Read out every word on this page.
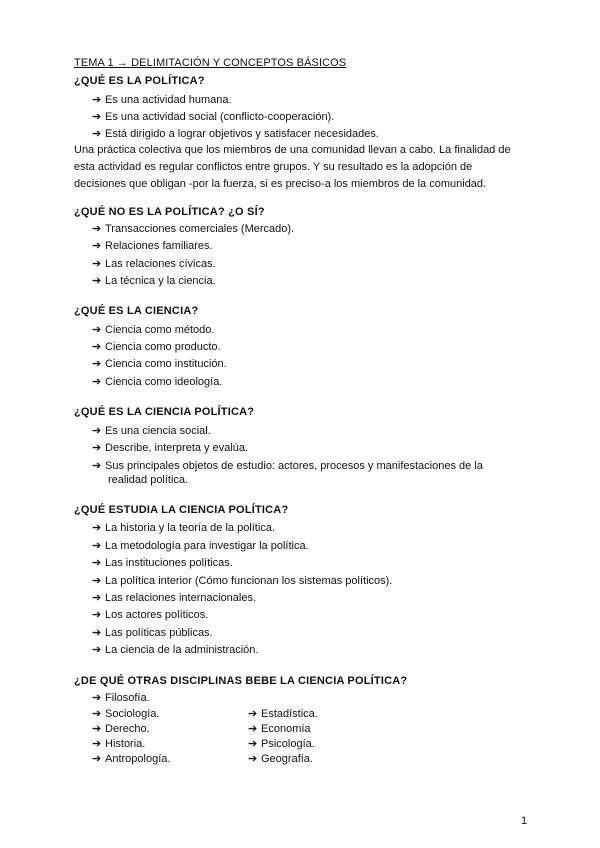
TEMA 1 → DELIMITACIÓN Y CONCEPTOS BÁSICOS
¿QUÉ ES LA POLÍTICA?
➔ Es una actividad humana.
➔ Es una actividad social (conflicto-cooperación).
➔ Está dirigido a lograr objetivos y satisfacer necesidades.
Una práctica colectiva que los miembros de una comunidad llevan a cabo. La finalidad de esta actividad es regular conflictos entre grupos. Y su resultado es la adopción de decisiones que obligan -por la fuerza, si es preciso-a los miembros de la comunidad.
¿QUÉ NO ES LA POLÍTICA? ¿O SÍ?
➔ Transacciones comerciales (Mercado).
➔ Relaciones familiares.
➔ Las relaciones cívicas.
➔ La técnica y la ciencia.
¿QUÉ ES LA CIENCIA?
➔ Ciencia como método.
➔ Ciencia como producto.
➔ Ciencia como institución.
➔ Ciencia como ideología.
¿QUÉ ES LA CIENCIA POLÍTICA?
➔ Es una ciencia social.
➔ Describe, interpreta y evalúa.
➔ Sus principales objetos de estudio: actores, procesos y manifestaciones de la
realidad política.
¿QUÉ ESTUDIA LA CIENCIA POLÍTICA?
➔ La historia y la teoría de la política.
➔ La metodología para investigar la política.
➔ Las instituciones políticas.
➔ La política interior (Cómo funcionan los sistemas políticos).
➔ Las relaciones internacionales.
➔ Los actores políticos.
➔ Las políticas públicas.
➔ La ciencia de la administración.
¿DE QUÉ OTRAS DISCIPLINAS BEBE LA CIENCIA POLÍTICA?
➔ Filosofía.
➔ Sociología.
➔ Derecho.
➔ Historia.
➔ Antropología.
➔ Estadística.
➔ Economía
➔ Psicología.
➔ Geografía.
1
